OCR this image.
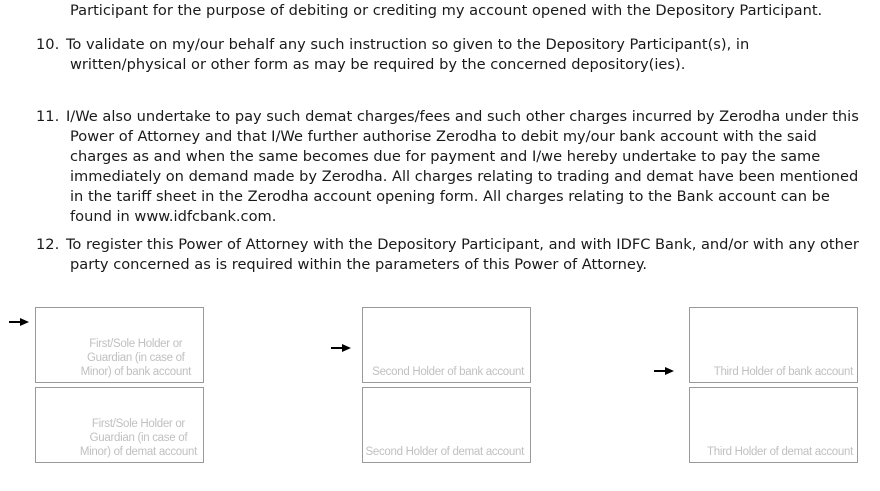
Participant for the purpose of debiting or crediting my account opened with the Depository Participant.
10. To validate on my/our behalf any such instruction so given to the Depository Participant(s), in written/physical or other form as may be required by the concerned depository(ies).
11. I/We also undertake to pay such demat charges/fees and such other charges incurred by Zerodha under this Power of Attorney and that I/We further authorise Zerodha to debit my/our bank account with the said charges as and when the same becomes due for payment and I/we hereby undertake to pay the same immediately on demand made by Zerodha. All charges relating to trading and demat have been mentioned in the tariff sheet in the Zerodha account opening form. All charges relating to the Bank account can be found in www.idfcbank.com.
12. To register this Power of Attorney with the Depository Participant, and with IDFC Bank, and/or with any other party concerned as is required within the parameters of this Power of Attorney.
First/Sole Holder or
Guardian (in case of
Minor) of bank account
First/Sole Holder or
Guardian (in case of
Minor) of demat account
Second Holder of bank account
Second Holder of demat account
Third Holder of bank account
Third Holder of demat account
